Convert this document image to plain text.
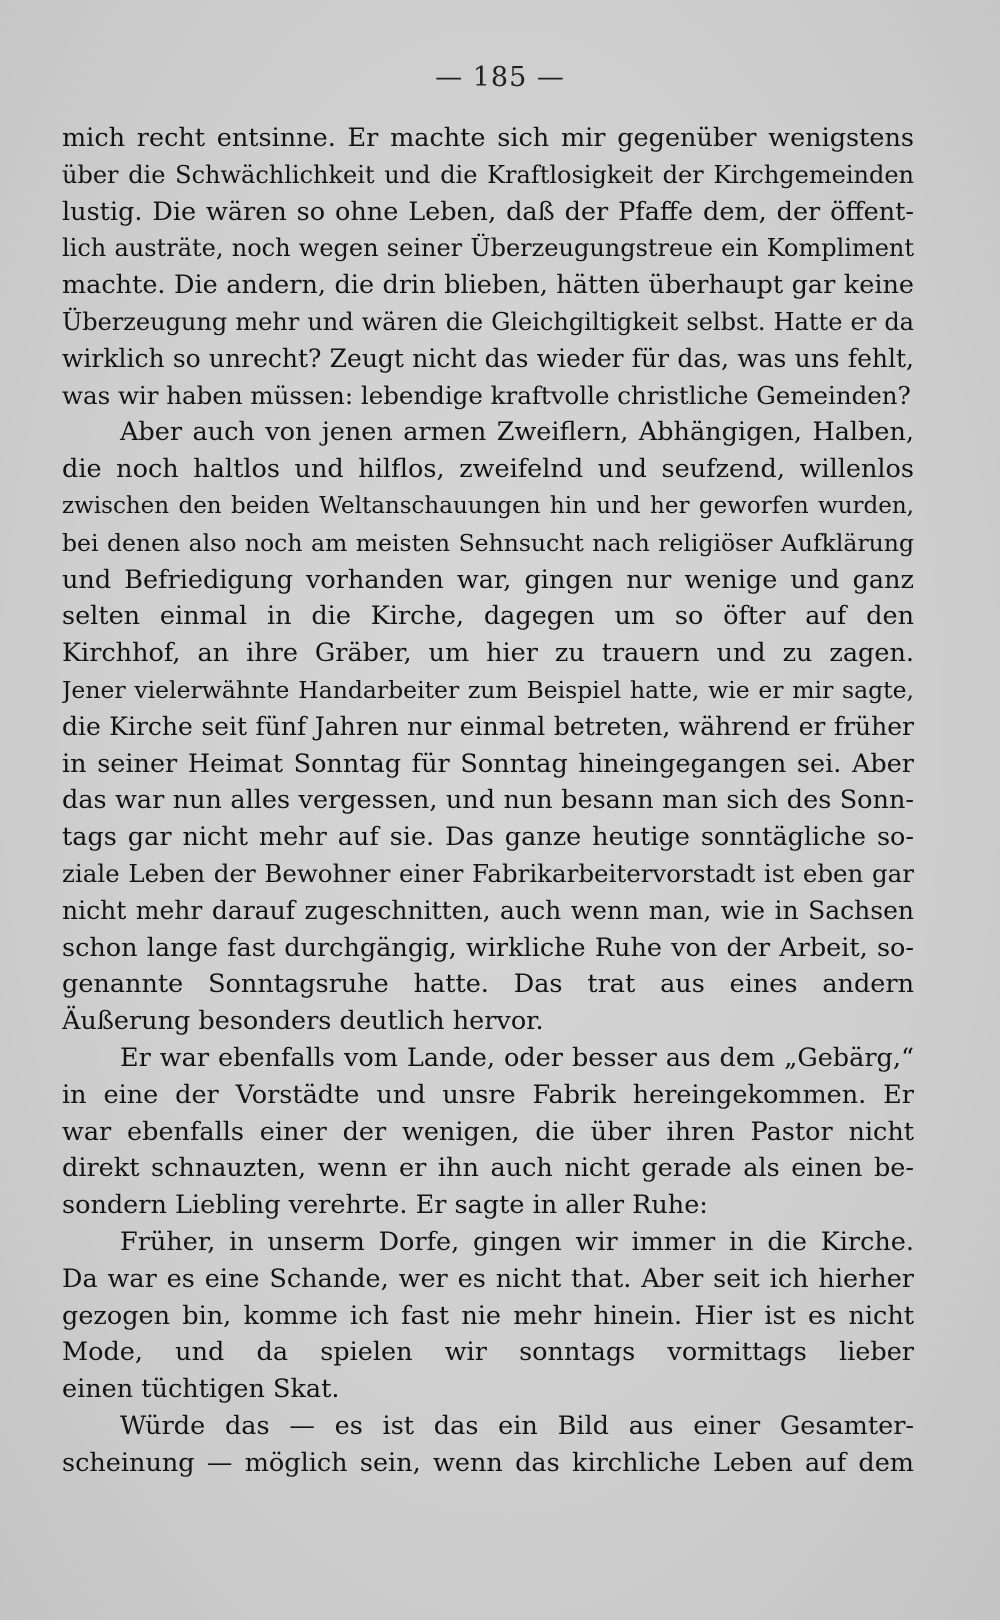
— 185 —

mich recht entsinne. Er machte sich mir gegenüber wenigstens
über die Schwächlichkeit und die Kraftlosigkeit der Kirchgemeinden
lustig. Die wären so ohne Leben, daß der Pfaffe dem, der öffent-
lich austräte, noch wegen seiner Überzeugungstreue ein Kompliment
machte. Die andern, die drin blieben, hätten überhaupt gar keine
Überzeugung mehr und wären die Gleichgiltigkeit selbst. Hatte er da
wirklich so unrecht? Zeugt nicht das wieder für das, was uns fehlt,
was wir haben müssen: lebendige kraftvolle christliche Gemeinden?
Aber auch von jenen armen Zweiflern, Abhängigen, Halben,
die noch haltlos und hilflos, zweifelnd und seufzend, willenlos
zwischen den beiden Weltanschauungen hin und her geworfen wurden,
bei denen also noch am meisten Sehnsucht nach religiöser Aufklärung
und Befriedigung vorhanden war, gingen nur wenige und ganz
selten einmal in die Kirche, dagegen um so öfter auf den
Kirchhof, an ihre Gräber, um hier zu trauern und zu zagen.
Jener vielerwähnte Handarbeiter zum Beispiel hatte, wie er mir sagte,
die Kirche seit fünf Jahren nur einmal betreten, während er früher
in seiner Heimat Sonntag für Sonntag hineingegangen sei. Aber
das war nun alles vergessen, und nun besann man sich des Sonn-
tags gar nicht mehr auf sie. Das ganze heutige sonntägliche so-
ziale Leben der Bewohner einer Fabrikarbeitervorstadt ist eben gar
nicht mehr darauf zugeschnitten, auch wenn man, wie in Sachsen
schon lange fast durchgängig, wirkliche Ruhe von der Arbeit, so-
genannte Sonntagsruhe hatte. Das trat aus eines andern
Äußerung besonders deutlich hervor.
Er war ebenfalls vom Lande, oder besser aus dem „Gebärg,“
in eine der Vorstädte und unsre Fabrik hereingekommen. Er
war ebenfalls einer der wenigen, die über ihren Pastor nicht
direkt schnauzten, wenn er ihn auch nicht gerade als einen be-
sondern Liebling verehrte. Er sagte in aller Ruhe:
Früher, in unserm Dorfe, gingen wir immer in die Kirche.
Da war es eine Schande, wer es nicht that. Aber seit ich hierher
gezogen bin, komme ich fast nie mehr hinein. Hier ist es nicht
Mode, und da spielen wir sonntags vormittags lieber
einen tüchtigen Skat.
Würde das — es ist das ein Bild aus einer Gesamter-
scheinung — möglich sein, wenn das kirchliche Leben auf dem
